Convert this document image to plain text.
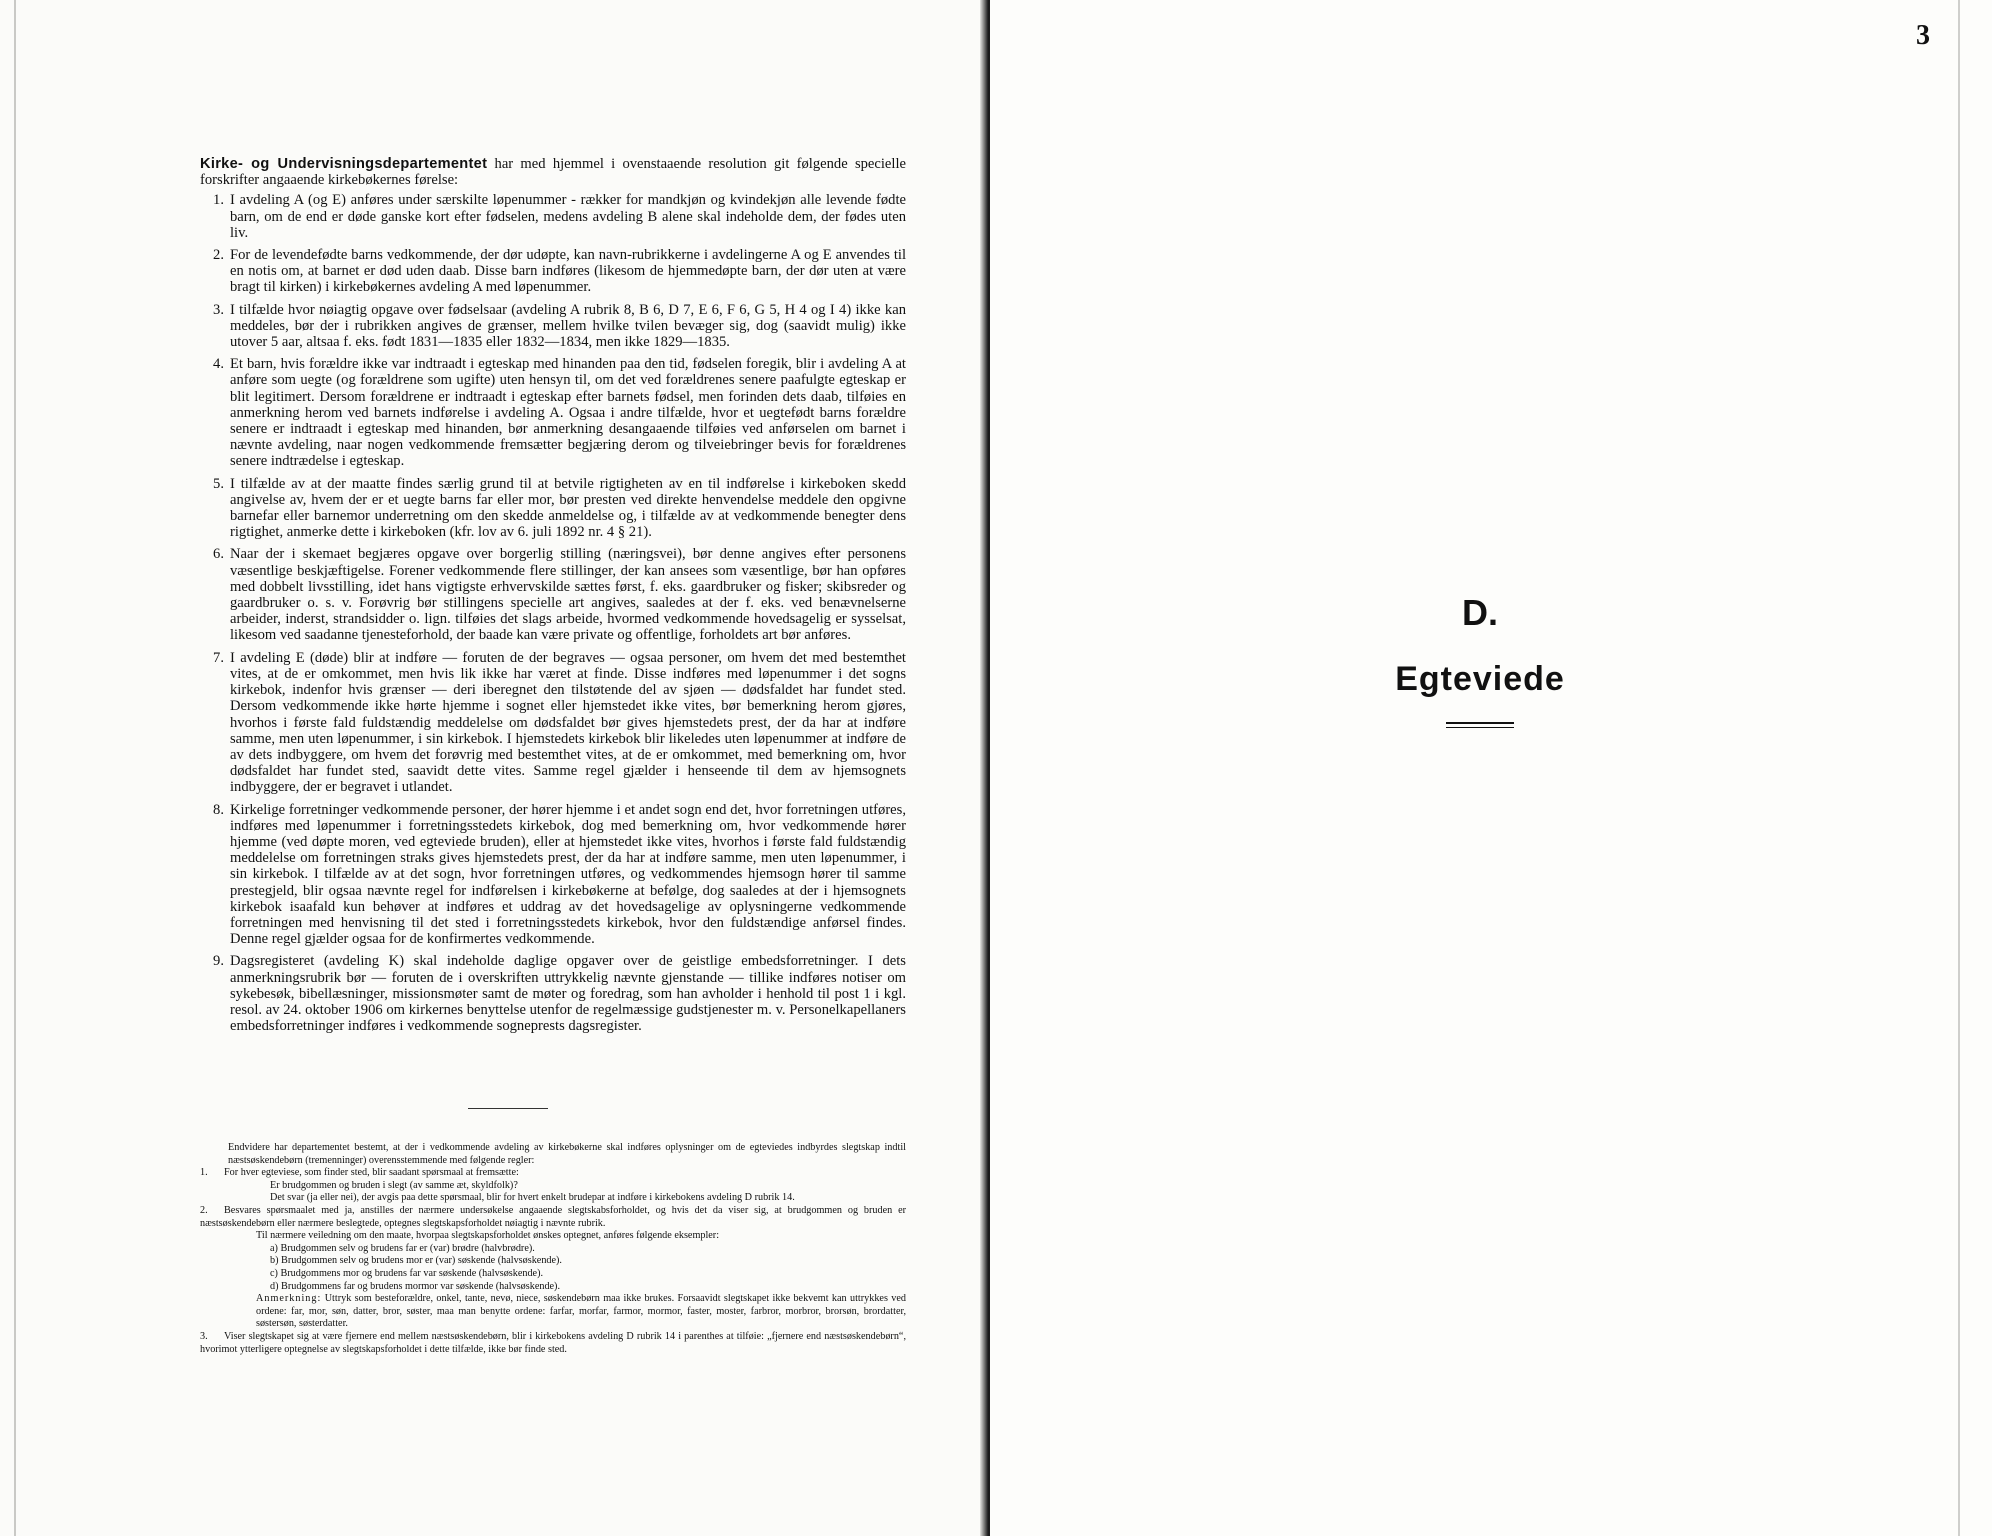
Kirke- og Undervisningsdepartementet har med hjemmel i ovenstaaende resolution git følgende specielle forskrifter angaaende kirkebøkernes førelse:

1. I avdeling A (og E) anføres under særskilte løpenummer - rækker for mandkjøn og kvindekjøn alle levende fødte barn, om de end er døde ganske kort efter fødselen, medens avdeling B alene skal indeholde dem, der fødes uten liv.
2. For de levendefødte barns vedkommende, der dør udøpte, kan navn-rubrikkerne i avdelingerne A og E anvendes til en notis om, at barnet er død uden daab. Disse barn indføres (likesom de hjemmedøpte barn, der dør uten at være bragt til kirken) i kirkebøkernes avdeling A med løpenummer.
3. I tilfælde hvor nøiagtig opgave over fødselsaar (avdeling A rubrik 8, B 6, D 7, E 6, F 6, G 5, H 4 og I 4) ikke kan meddeles, bør der i rubrikken angives de grænser, mellem hvilke tvilen bevæger sig, dog (saavidt mulig) ikke utover 5 aar, altsaa f. eks. født 1831—1835 eller 1832—1834, men ikke 1829—1835.
4. Et barn, hvis forældre ikke var indtraadt i egteskap med hinanden paa den tid, fødselen foregik, blir i avdeling A at anføre som uegte (og forældrene som ugifte) uten hensyn til, om det ved forældrenes senere paafulgte egteskap er blit legitimert. Dersom forældrene er indtraadt i egteskap efter barnets fødsel, men forinden dets daab, tilføies en anmerkning herom ved barnets indførelse i avdeling A. Ogsaa i andre tilfælde, hvor et uegtefødt barns forældre senere er indtraadt i egteskap med hinanden, bør anmerkning desangaaende tilføies ved anførselen om barnet i nævnte avdeling, naar nogen vedkommende fremsætter begjæring derom og tilveiebringer bevis for forældrenes senere indtrædelse i egteskap.
5. I tilfælde av at der maatte findes særlig grund til at betvile rigtigheten av en til indførelse i kirkeboken skedd angivelse av, hvem der er et uegte barns far eller mor, bør presten ved direkte henvendelse meddele den opgivne barnefar eller barnemor underretning om den skedde anmeldelse og, i tilfælde av at vedkommende benegter dens rigtighet, anmerke dette i kirkeboken (kfr. lov av 6. juli 1892 nr. 4 § 21).
6. Naar der i skemaet begjæres opgave over borgerlig stilling (næringsvei), bør denne angives efter personens væsentlige beskjæftigelse. Forener vedkommende flere stillinger, der kan ansees som væsentlige, bør han opføres med dobbelt livsstilling, idet hans vigtigste erhvervskilde sættes først, f. eks. gaardbruker og fisker; skibsreder og gaardbruker o. s. v. Forøvrig bør stillingens specielle art angives, saaledes at der f. eks. ved benævnelserne arbeider, inderst, strandsidder o. lign. tilføies det slags arbeide, hvormed vedkommende hovedsagelig er sysselsat, likesom ved saadanne tjenesteforhold, der baade kan være private og offentlige, forholdets art bør anføres.
7. I avdeling E (døde) blir at indføre — foruten de der begraves — ogsaa personer, om hvem det med bestemthet vites, at de er omkommet, men hvis lik ikke har været at finde. Disse indføres med løpenummer i det sogns kirkebok, indenfor hvis grænser — deri iberegnet den tilstøtende del av sjøen — dødsfaldet har fundet sted. Dersom vedkommende ikke hørte hjemme i sognet eller hjemstedet ikke vites, bør bemerkning herom gjøres, hvorhos i første fald fuldstændig meddelelse om dødsfaldet bør gives hjemstedets prest, der da har at indføre samme, men uten løpenummer, i sin kirkebok. I hjemstedets kirkebok blir likeledes uten løpenummer at indføre de av dets indbyggere, om hvem det forøvrig med bestemthet vites, at de er omkommet, med bemerkning om, hvor dødsfaldet har fundet sted, saavidt dette vites. Samme regel gjælder i henseende til dem av hjemsognets indbyggere, der er begravet i utlandet.
8. Kirkelige forretninger vedkommende personer, der hører hjemme i et andet sogn end det, hvor forretningen utføres, indføres med løpenummer i forretningsstedets kirkebok, dog med bemerkning om, hvor vedkommende hører hjemme (ved døpte moren, ved egteviede bruden), eller at hjemstedet ikke vites, hvorhos i første fald fuldstændig meddelelse om forretningen straks gives hjemstedets prest, der da har at indføre samme, men uten løpenummer, i sin kirkebok. I tilfælde av at det sogn, hvor forretningen utføres, og vedkommendes hjemsogn hører til samme prestegjeld, blir ogsaa nævnte regel for indførelsen i kirkebøkerne at befølge, dog saaledes at der i hjemsognets kirkebok isaafald kun behøver at indføres et uddrag av det hovedsagelige av oplysningerne vedkommende forretningen med henvisning til det sted i forretningsstedets kirkebok, hvor den fuldstændige anførsel findes. Denne regel gjælder ogsaa for de konfirmertes vedkommende.
9. Dagsregisteret (avdeling K) skal indeholde daglige opgaver over de geistlige embedsforretninger. I dets anmerkningsrubrik bør — foruten de i overskriften uttrykkelig nævnte gjenstande — tillike indføres notiser om sykebesøk, bibellæsninger, missionsmøter samt de møter og foredrag, som han avholder i henhold til post 1 i kgl. resol. av 24. oktober 1906 om kirkernes benyttelse utenfor de regelmæssige gudstjenester m. v. Personelkapellaners embedsforretninger indføres i vedkommende sogneprests dagsregister.

Endvidere har departementet bestemt, at der i vedkommende avdeling av kirkebøkerne skal indføres oplysninger om de egteviedes indbyrdes slegtskap indtil næstsøskendebørn (tremenninger) overensstemmende med følgende regler:

1. For hver egteviese, som finder sted, blir saadant spørsmaal at fremsætte:

Er brudgommen og bruden i slegt (av samme æt, skyldfolk)?

Det svar (ja eller nei), der avgis paa dette spørsmaal, blir for hvert enkelt brudepar at indføre i kirkebokens avdeling D rubrik 14.

2. Besvares spørsmaalet med ja, anstilles der nærmere undersøkelse angaaende slegtskabsforholdet, og hvis det da viser sig, at brudgommen og bruden er næstsøskendebørn eller nærmere beslegtede, optegnes slegtskapsforholdet nøiagtig i nævnte rubrik.

Til nærmere veiledning om den maate, hvorpaa slegtskapsforholdet ønskes optegnet, anføres følgende eksempler:

a) Brudgommen selv og brudens far er (var) brødre (halvbrødre).

b) Brudgommen selv og brudens mor er (var) søskende (halvsøskende).

c) Brudgommens mor og brudens far var søskende (halvsøskende).

d) Brudgommens far og brudens mormor var søskende (halvsøskende).

Anmerkning: Uttryk som besteforældre, onkel, tante, nevø, niece, søskendebørn maa ikke brukes. Forsaavidt slegtskapet ikke bekvemt kan uttrykkes ved ordene: far, mor, søn, datter, bror, søster, maa man benytte ordene: farfar, morfar, farmor, mormor, faster, moster, farbror, morbror, brorsøn, brordatter, søstersøn, søsterdatter.

3. Viser slegtskapet sig at være fjernere end mellem næstsøskendebørn, blir i kirkebokens avdeling D rubrik 14 i parenthes at tilføie: „fjernere end næstsøskendebørn“, hvorimot ytterligere optegnelse av slegtskapsforholdet i dette tilfælde, ikke bør finde sted.

3
D.
Egteviede
